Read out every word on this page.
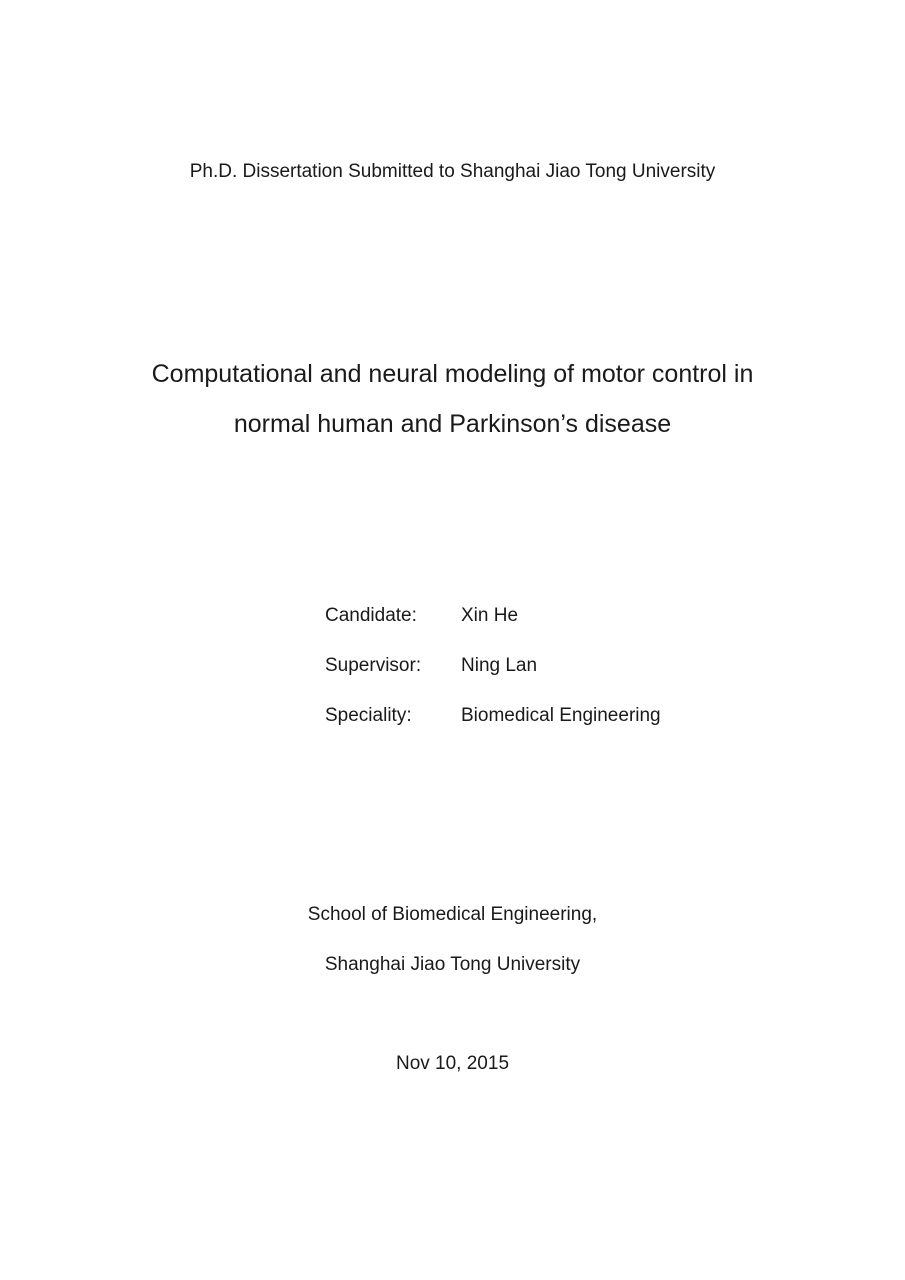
Ph.D. Dissertation Submitted to Shanghai Jiao Tong University
Computational and neural modeling of motor control in
normal human and Parkinson’s disease
Candidate:	Xin He
Supervisor:	Ning Lan
Speciality:	Biomedical Engineering
School of Biomedical Engineering,
Shanghai Jiao Tong University
Nov 10, 2015
